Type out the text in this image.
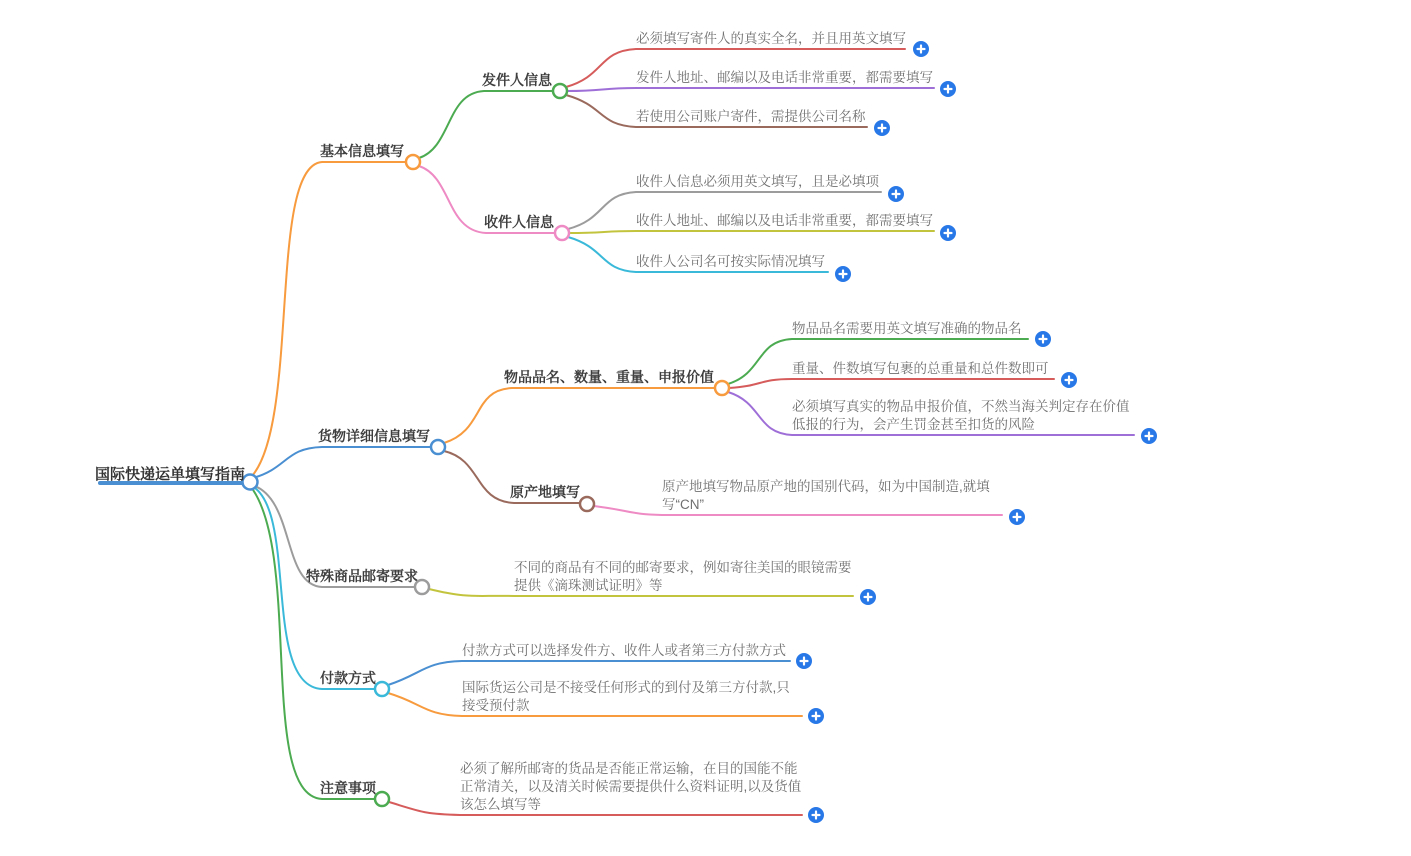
国际快递运单填写指南
基本信息填写
货物详细信息填写
特殊商品邮寄要求
付款方式
注意事项
发件人信息
收件人信息
物品品名、数量、重量、申报价值
原产地填写
必须填写寄件人的真实全名，并且用英文填写
发件人地址、邮编以及电话非常重要，都需要填写
若使用公司账户寄件，需提供公司名称
收件人信息必须用英文填写，且是必填项
收件人地址、邮编以及电话非常重要，都需要填写
收件人公司名可按实际情况填写
物品品名需要用英文填写准确的物品名
重量、件数填写包裹的总重量和总件数即可
必须填写真实的物品申报价值，不然当海关判定存在价值低报的行为，会产生罚金甚至扣货的风险
原产地填写物品原产地的国别代码，如为中国制造,就填写“CN”
不同的商品有不同的邮寄要求，例如寄往美国的眼镜需要提供《滴珠测试证明》等
付款方式可以选择发件方、收件人或者第三方付款方式
国际货运公司是不接受任何形式的到付及第三方付款,只接受预付款
必须了解所邮寄的货品是否能正常运输，在目的国能不能正常清关，以及清关时候需要提供什么资料证明,以及货值该怎么填写等
